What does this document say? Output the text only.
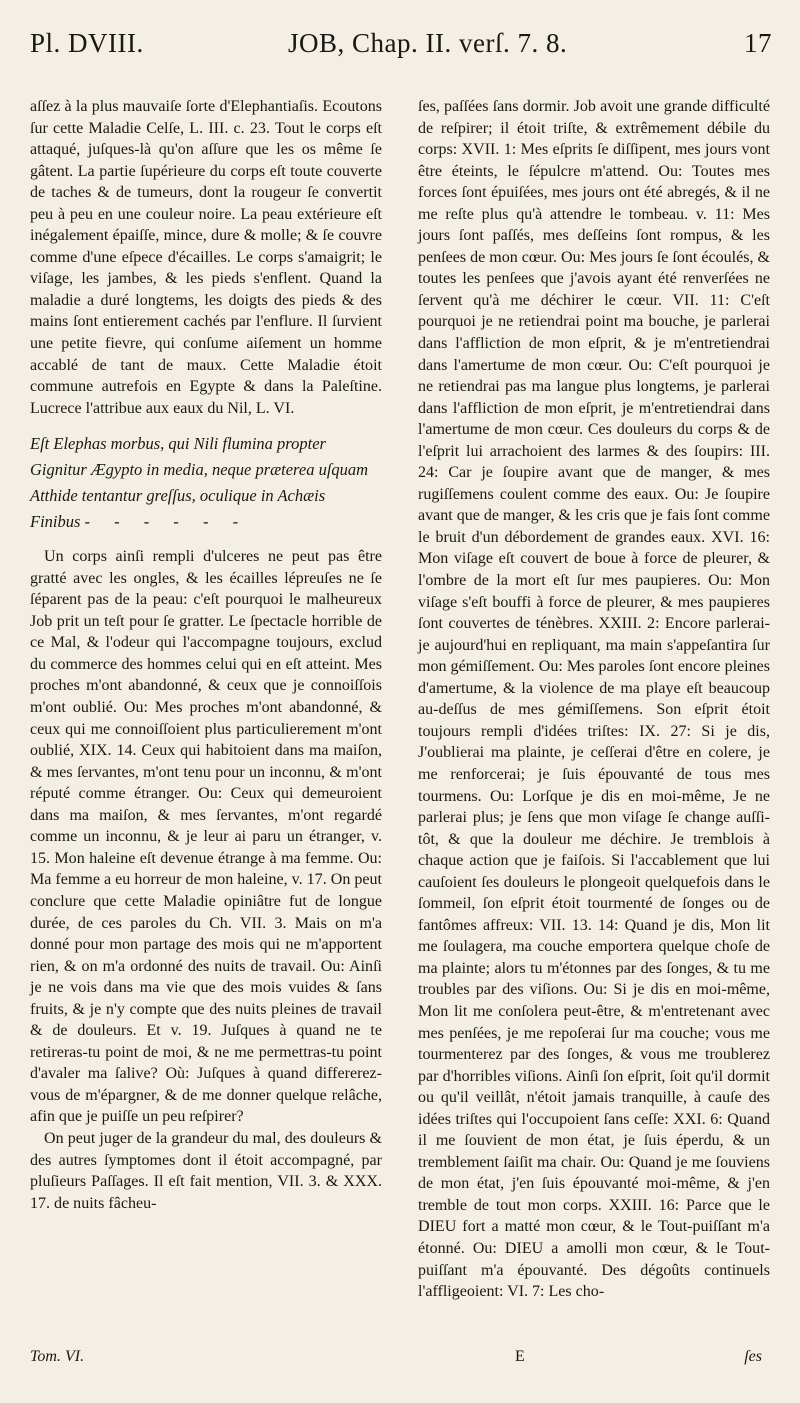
Pl. DVIII.	JOB, Chap. II. verſ. 7. 8.	17

aſſez à la plus mauvaiſe ſorte d'Elephantiaſis. Ecoutons ſur cette Maladie Celſe, L. III. c. 23. Tout le corps eſt attaqué, juſques-là qu'on aſſure que les os même ſe gâtent. La partie ſupérieure du corps eſt toute couverte de taches & de tumeurs, dont la rougeur ſe convertit peu à peu en une couleur noire. La peau extérieure eſt inégalement épaiſſe, mince, dure & molle; & ſe couvre comme d'une eſpece d'écailles. Le corps s'amaigrit; le viſage, les jambes, & les pieds s'enflent. Quand la maladie a duré longtems, les doigts des pieds & des mains ſont entierement cachés par l'enflure. Il ſurvient une petite fievre, qui conſume aiſement un homme accablé de tant de maux. Cette Maladie étoit commune autrefois en Egypte & dans la Paleſtine. Lucrece l'attribue aux eaux du Nil, L. VI.

Eſt Elephas morbus, qui Nili flumina propter
Gignitur Ægypto in media, neque præterea uſquam
Atthide tentantur greſſus, oculique in Achæis
Finibus - - - - - -

Un corps ainſi rempli d'ulceres ne peut pas être gratté avec les ongles, & les écailles lépreuſes ne ſe ſéparent pas de la peau: c'eſt pourquoi le malheureux Job prit un teſt pour ſe gratter. Le ſpectacle horrible de ce Mal, & l'odeur qui l'accompagne toujours, exclud du commerce des hommes celui qui en eſt atteint. Mes proches m'ont abandonné, & ceux que je connoiſſois m'ont oublié. Ou: Mes proches m'ont abandonné, & ceux qui me connoiſſoient plus particulierement m'ont oublié, XIX. 14. Ceux qui habitoient dans ma maiſon, & mes ſervantes, m'ont tenu pour un inconnu, & m'ont réputé comme étranger. Ou: Ceux qui demeuroient dans ma maiſon, & mes ſervantes, m'ont regardé comme un inconnu, & je leur ai paru un étranger, v. 15. Mon haleine eſt devenue étrange à ma femme. Ou: Ma femme a eu horreur de mon haleine, v. 17. On peut conclure que cette Maladie opiniâtre fut de longue durée, de ces paroles du Ch. VII. 3. Mais on m'a donné pour mon partage des mois qui ne m'apportent rien, & on m'a ordonné des nuits de travail. Ou: Ainſi je ne vois dans ma vie que des mois vuides & ſans fruits, & je n'y compte que des nuits pleines de travail & de douleurs. Et v. 19. Juſques à quand ne te retireras-tu point de moi, & ne me permettras-tu point d'avaler ma ſalive? Où: Juſques à quand differerez-vous de m'épargner, & de me donner quelque relâche, afin que je puiſſe un peu reſpirer?

On peut juger de la grandeur du mal, des douleurs & des autres ſymptomes dont il étoit accompagné, par pluſieurs Paſſages. Il eſt fait mention, VII. 3. & XXX. 17. de nuits fâcheu-

ſes, paſſées ſans dormir. Job avoit une grande difficulté de reſpirer; il étoit triſte, & extrêmement débile du corps: XVII. 1: Mes eſprits ſe diſſipent, mes jours vont être éteints, le ſépulcre m'attend. Ou: Toutes mes forces ſont épuiſées, mes jours ont été abregés, & il ne me reſte plus qu'à attendre le tombeau. v. 11: Mes jours ſont paſſés, mes deſſeins ſont rompus, & les penſees de mon cœur. Ou: Mes jours ſe ſont écoulés, & toutes les penſees que j'avois ayant été renverſées ne ſervent qu'à me déchirer le cœur. VII. 11: C'eſt pourquoi je ne retiendrai point ma bouche, je parlerai dans l'affliction de mon eſprit, & je m'entretiendrai dans l'amertume de mon cœur. Ou: C'eſt pourquoi je ne retiendrai pas ma langue plus longtems, je parlerai dans l'affliction de mon eſprit, je m'entretiendrai dans l'amertume de mon cœur. Ces douleurs du corps & de l'eſprit lui arrachoient des larmes & des ſoupirs: III. 24: Car je ſoupire avant que de manger, & mes rugiſſemens coulent comme des eaux. Ou: Je ſoupire avant que de manger, & les cris que je fais ſont comme le bruit d'un débordement de grandes eaux. XVI. 16: Mon viſage eſt couvert de boue à force de pleurer, & l'ombre de la mort eſt ſur mes paupieres. Ou: Mon viſage s'eſt bouffi à force de pleurer, & mes paupieres ſont couvertes de ténèbres. XXIII. 2: Encore parlerai-je aujourd'hui en repliquant, ma main s'appeſantira ſur mon gémiſſement. Ou: Mes paroles ſont encore pleines d'amertume, & la violence de ma playe eſt beaucoup au-deſſus de mes gémiſſemens. Son eſprit étoit toujours rempli d'idées triſtes: IX. 27: Si je dis, J'oublierai ma plainte, je ceſſerai d'être en colere, je me renforcerai; je ſuis épouvanté de tous mes tourmens. Ou: Lorſque je dis en moi-même, Je ne parlerai plus; je ſens que mon viſage ſe change auſſi-tôt, & que la douleur me déchire. Je tremblois à chaque action que je faiſois. Si l'accablement que lui cauſoient ſes douleurs le plongeoit quelquefois dans le ſommeil, ſon eſprit étoit tourmenté de ſonges ou de fantômes affreux: VII. 13. 14: Quand je dis, Mon lit me ſoulagera, ma couche emportera quelque choſe de ma plainte; alors tu m'étonnes par des ſonges, & tu me troubles par des viſions. Ou: Si je dis en moi-même, Mon lit me conſolera peut-être, & m'entretenant avec mes penſées, je me repoſerai ſur ma couche; vous me tourmenterez par des ſonges, & vous me troublerez par d'horribles viſions. Ainſi ſon eſprit, ſoit qu'il dormit ou qu'il veillât, n'étoit jamais tranquille, à cauſe des idées triſtes qui l'occupoient ſans ceſſe: XXI. 6: Quand il me ſouvient de mon état, je ſuis éperdu, & un tremblement ſaiſit ma chair. Ou: Quand je me ſouviens de mon état, j'en ſuis épouvanté moi-même, & j'en tremble de tout mon corps. XXIII. 16: Parce que le DIEU fort a matté mon cœur, & le Tout-puiſſant m'a étonné. Ou: DIEU a amolli mon cœur, & le Tout-puiſſant m'a épouvanté. Des dégoûts continuels l'affligeoient: VI. 7: Les cho-

Tom. VI.	E	ſes
